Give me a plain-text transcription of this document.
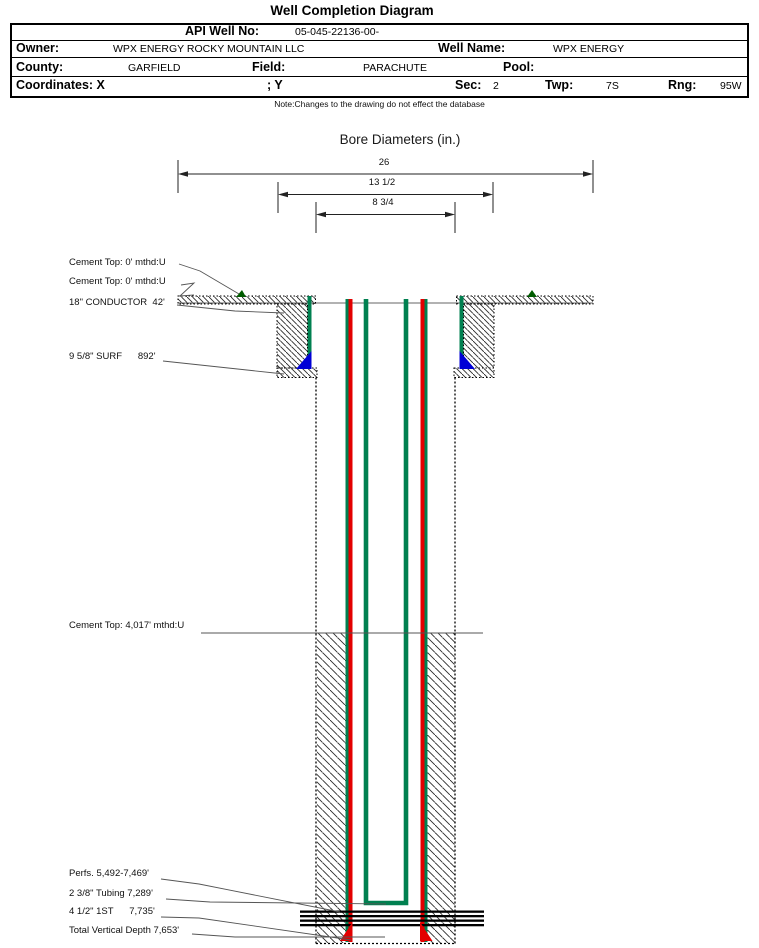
Well Completion Diagram
API Well No:	05-045-22136-00-
Owner:	WPX ENERGY ROCKY MOUNTAIN LLC	Well Name:	WPX ENERGY
County:	GARFIELD	Field:	PARACHUTE	Pool:
Coordinates: X	; Y	Sec: 2	Twp:	7S	Rng: 95W
Note:Changes to the drawing do not effect the database
Bore Diameters (in.)
26
13 1/2
8 3/4
Cement Top: 0' mthd:U
Cement Top: 0' mthd:U
18" CONDUCTOR  42'
9 5/8" SURF      892'
Cement Top: 4,017' mthd:U
Perfs. 5,492-7,469'
2 3/8" Tubing 7,289'
4 1/2" 1ST      7,735'
Total Vertical Depth 7,653'
